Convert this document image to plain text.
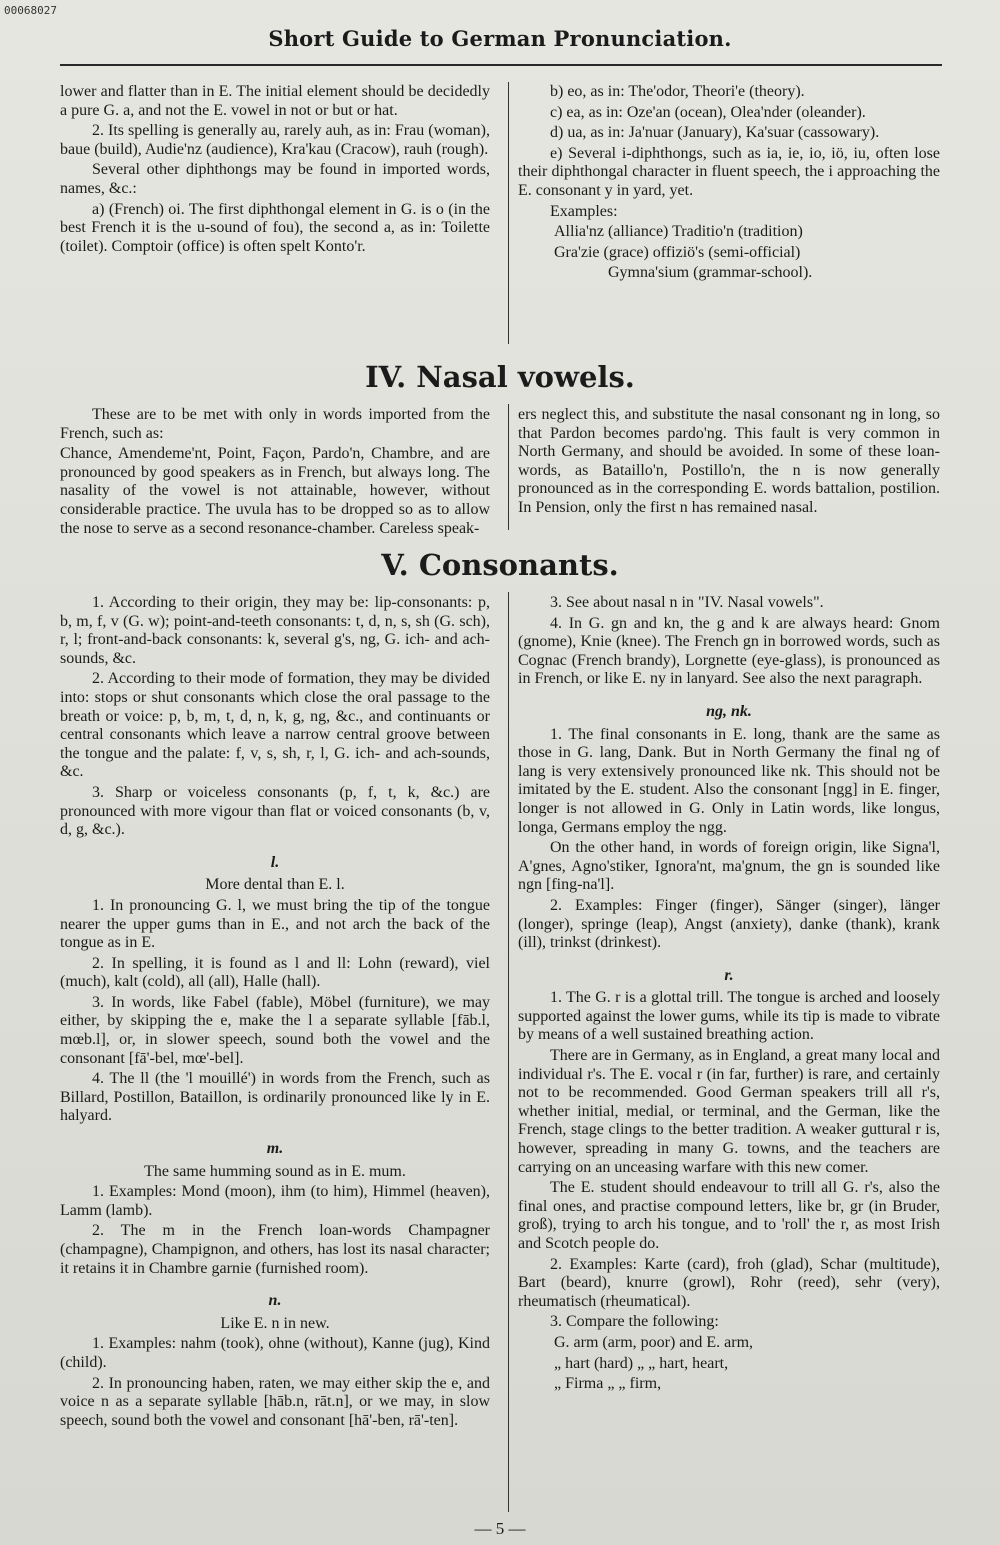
00068027
Short Guide to German Pronunciation.

lower and flatter than in E. The initial element should be decidedly a pure G. a, and not the E. vowel in not or but or hat.

2. Its spelling is generally au, rarely auh, as in: Frau (woman), baue (build), Audie'nz (audience), Kra'kau (Cracow), rauh (rough).

Several other diphthongs may be found in imported words, names, &c.:

a) (French) oi. The first diphthongal element in G. is o (in the best French it is the u-sound of fou), the second a, as in: Toilette (toilet). Comptoir (office) is often spelt Konto'r.

b) eo, as in: The'odor, Theori'e (theory).

c) ea, as in: Oze'an (ocean), Olea'nder (oleander).

d) ua, as in: Ja'nuar (January), Ka'suar (cassowary).

e) Several i-diphthongs, such as ia, ie, io, iö, iu, often lose their diphthongal character in fluent speech, the i approaching the E. consonant y in yard, yet.

Examples:

Allia'nz (alliance) Traditio'n (tradition)

Gra'zie (grace) offiziö's (semi-official)

Gymna'sium (grammar-school).

IV. Nasal vowels.

These are to be met with only in words imported from the French, such as:

Chance, Amendeme'nt, Point, Façon, Pardo'n, Chambre, and are pronounced by good speakers as in French, but always long. The nasality of the vowel is not attainable, however, without considerable practice. The uvula has to be dropped so as to allow the nose to serve as a second resonance-chamber. Careless speak-

ers neglect this, and substitute the nasal consonant ng in long, so that Pardon becomes pardo'ng. This fault is very common in North Germany, and should be avoided. In some of these loan-words, as Bataillo'n, Postillo'n, the n is now generally pronounced as in the corresponding E. words battalion, postilion. In Pension, only the first n has remained nasal.

V. Consonants.

1. According to their origin, they may be: lip-consonants: p, b, m, f, v (G. w); point-and-teeth consonants: t, d, n, s, sh (G. sch), r, l; front-and-back consonants: k, several g's, ng, G. ich- and ach-sounds, &c.

2. According to their mode of formation, they may be divided into: stops or shut consonants which close the oral passage to the breath or voice: p, b, m, t, d, n, k, g, ng, &c., and continuants or central consonants which leave a narrow central groove between the tongue and the palate: f, v, s, sh, r, l, G. ich- and ach-sounds, &c.

3. Sharp or voiceless consonants (p, f, t, k, &c.) are pronounced with more vigour than flat or voiced consonants (b, v, d, g, &c.).

l.

More dental than E. l.

1. In pronouncing G. l, we must bring the tip of the tongue nearer the upper gums than in E., and not arch the back of the tongue as in E.

2. In spelling, it is found as l and ll: Lohn (reward), viel (much), kalt (cold), all (all), Halle (hall).

3. In words, like Fabel (fable), Möbel (furniture), we may either, by skipping the e, make the l a separate syllable [fāb.l, mœb.l], or, in slower speech, sound both the vowel and the consonant [fā'-bel, mœ'-bel].

4. The ll (the 'l mouillé') in words from the French, such as Billard, Postillon, Bataillon, is ordinarily pronounced like ly in E. halyard.

m.

The same humming sound as in E. mum.

1. Examples: Mond (moon), ihm (to him), Himmel (heaven), Lamm (lamb).

2. The m in the French loan-words Champagner (champagne), Champignon, and others, has lost its nasal character; it retains it in Chambre garnie (furnished room).

n.

Like E. n in new.

1. Examples: nahm (took), ohne (without), Kanne (jug), Kind (child).

2. In pronouncing haben, raten, we may either skip the e, and voice n as a separate syllable [hāb.n, rāt.n], or we may, in slow speech, sound both the vowel and consonant [hā'-ben, rā'-ten].

3. See about nasal n in "IV. Nasal vowels".

4. In G. gn and kn, the g and k are always heard: Gnom (gnome), Knie (knee). The French gn in borrowed words, such as Cognac (French brandy), Lorgnette (eye-glass), is pronounced as in French, or like E. ny in lanyard. See also the next paragraph.

ng, nk.

1. The final consonants in E. long, thank are the same as those in G. lang, Dank. But in North Germany the final ng of lang is very extensively pronounced like nk. This should not be imitated by the E. student. Also the consonant [ngg] in E. finger, longer is not allowed in G. Only in Latin words, like longus, longa, Germans employ the ngg.

On the other hand, in words of foreign origin, like Signa'l, A'gnes, Agno'stiker, Ignora'nt, ma'gnum, the gn is sounded like ngn [fing-na'l].

2. Examples: Finger (finger), Sänger (singer), länger (longer), springe (leap), Angst (anxiety), danke (thank), krank (ill), trinkst (drinkest).

r.

1. The G. r is a glottal trill. The tongue is arched and loosely supported against the lower gums, while its tip is made to vibrate by means of a well sustained breathing action.

There are in Germany, as in England, a great many local and individual r's. The E. vocal r (in far, further) is rare, and certainly not to be recommended. Good German speakers trill all r's, whether initial, medial, or terminal, and the German, like the French, stage clings to the better tradition. A weaker guttural r is, however, spreading in many G. towns, and the teachers are carrying on an unceasing warfare with this new comer.

The E. student should endeavour to trill all G. r's, also the final ones, and practise compound letters, like br, gr (in Bruder, groß), trying to arch his tongue, and to 'roll' the r, as most Irish and Scotch people do.

2. Examples: Karte (card), froh (glad), Schar (multitude), Bart (beard), knurre (growl), Rohr (reed), sehr (very), rheumatisch (rheumatical).

3. Compare the following:

G. arm (arm, poor) and E. arm,

„ hart (hard) „ „ hart, heart,

„ Firma „ „ firm,

— 5 —
